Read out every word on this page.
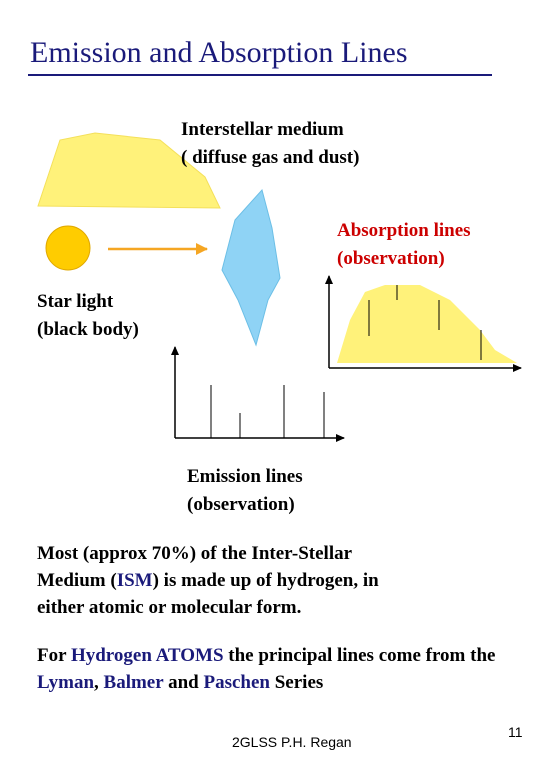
Emission and Absorption Lines
Interstellar medium
( diffuse gas and dust)
Absorption lines
(observation)
Star light
(black body)
Emission lines
(observation)
Most (approx 70%) of the Inter-Stellar
Medium (ISM) is made up of hydrogen, in
either atomic or molecular form.
For Hydrogen ATOMS the principal lines come from the Lyman, Balmer and Paschen Series
2GLSS P.H. Regan
11
